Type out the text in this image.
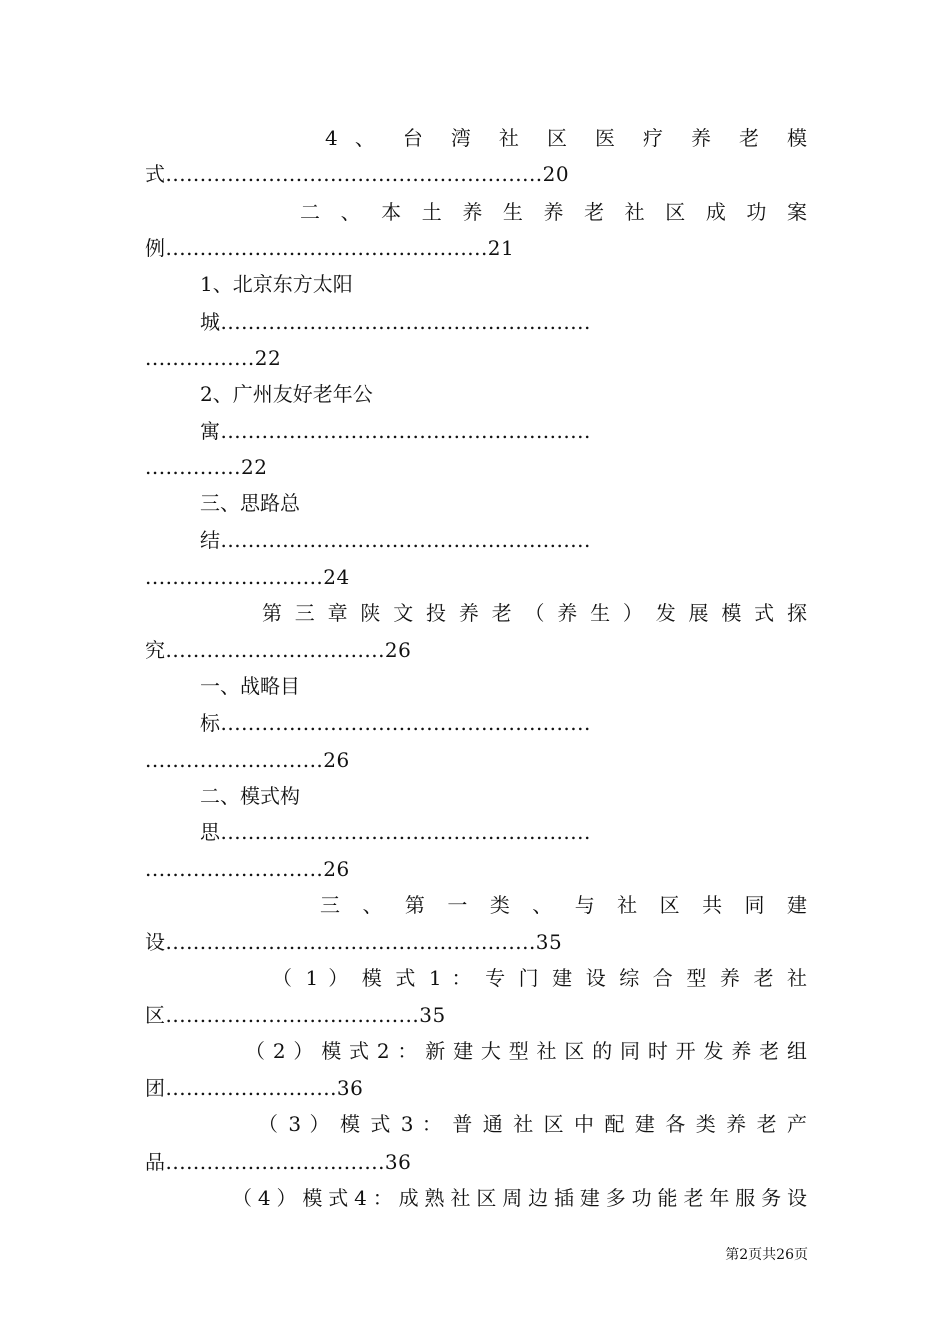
4 、 台 湾 社 区 医 疗 养 老 模
式.......................................................20
二 、 本 土 养 生 养 老 社 区 成 功 案
例...............................................21
1、北京东方太阳
城......................................................
................22
2、广州友好老年公
寓......................................................
..............22
三、思路总
结......................................................
..........................24
第 三 章 陕 文 投 养 老 （ 养 生 ） 发 展 模 式 探
究................................26
一、战略目
标......................................................
..........................26
二、模式构
思......................................................
..........................26
三 、 第 一 类 、 与 社 区 共 同 建
设......................................................35
（ 1 ） 模 式 1 ： 专 门 建 设 综 合 型 养 老 社
区.....................................35
（2）模式2：新建大型社区的同时开发养老组
团.........................36
（ 3 ） 模 式 3 ： 普 通 社 区 中 配 建 各 类 养 老 产
品................................36
（4）模式4：成熟社区周边插建多功能老年服务设
第2页共26页
